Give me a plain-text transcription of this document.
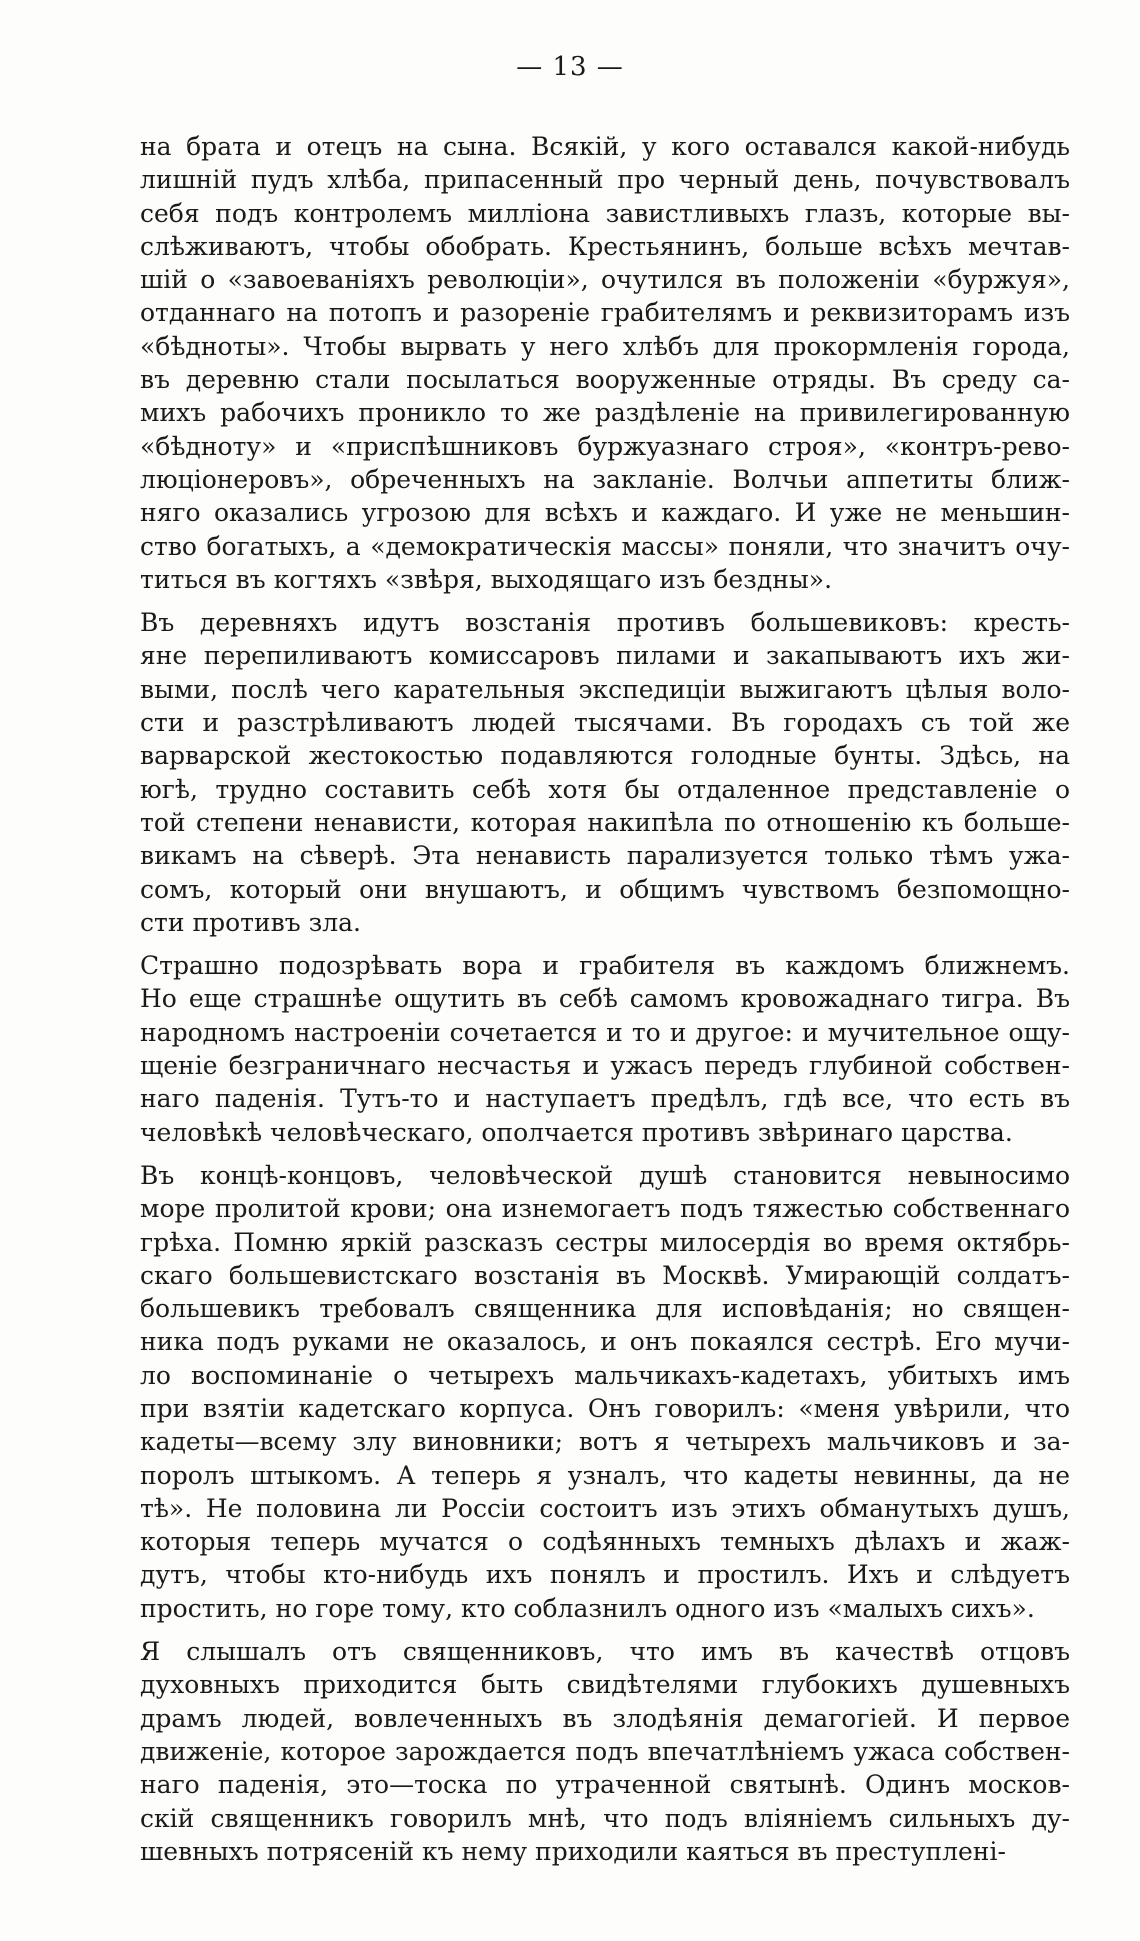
— 13 —
на брата и отецъ на сына. Всякій, у кого оставался какой-нибудь
лишній пудъ хлѣба, припасенный про черный день, почувствовалъ
себя подъ контролемъ милліона завистливыхъ глазъ, которые вы-
слѣживаютъ, чтобы обобрать. Крестьянинъ, больше всѣхъ мечтав-
шій о «завоеваніяхъ революціи», очутился въ положеніи «буржуя»,
отданнаго на потопъ и разореніе грабителямъ и реквизиторамъ изъ
«бѣдноты». Чтобы вырвать у него хлѣбъ для прокормленія города,
въ деревню стали посылаться вооруженные отряды. Въ среду са-
михъ рабочихъ проникло то же раздѣленіе на привилегированную
«бѣдноту» и «приспѣшниковъ буржуазнаго строя», «контръ-рево-
люціонеровъ», обреченныхъ на закланіе. Волчьи аппетиты ближ-
няго оказались угрозою для всѣхъ и каждаго. И уже не меньшин-
ство богатыхъ, а «демократическія массы» поняли, что значитъ очу-
титься въ когтяхъ «звѣря, выходящаго изъ бездны».
Въ деревняхъ идутъ возстанія противъ большевиковъ: кресть-
яне перепиливаютъ комиссаровъ пилами и закапываютъ ихъ жи-
выми, послѣ чего карательныя экспедиціи выжигаютъ цѣлыя воло-
сти и разстрѣливаютъ людей тысячами. Въ городахъ съ той же
варварской жестокостью подавляются голодные бунты. Здѣсь, на
югѣ, трудно составить себѣ хотя бы отдаленное представленіе о
той степени ненависти, которая накипѣла по отношенію къ больше-
викамъ на сѣверѣ. Эта ненависть парализуется только тѣмъ ужа-
сомъ, который они внушаютъ, и общимъ чувствомъ безпомощно-
сти противъ зла.
Страшно подозрѣвать вора и грабителя въ каждомъ ближнемъ.
Но еще страшнѣе ощутить въ себѣ самомъ кровожаднаго тигра. Въ
народномъ настроеніи сочетается и то и другое: и мучительное ощу-
щеніе безграничнаго несчастья и ужасъ передъ глубиной собствен-
наго паденія. Тутъ-то и наступаетъ предѣлъ, гдѣ все, что есть въ
человѣкѣ человѣческаго, ополчается противъ звѣринаго царства.
Въ концѣ-концовъ, человѣческой душѣ становится невыносимо
море пролитой крови; она изнемогаетъ подъ тяжестью собственнаго
грѣха. Помню яркій разсказъ сестры милосердія во время октябрь-
скаго большевистскаго возстанія въ Москвѣ. Умирающій солдатъ-
большевикъ требовалъ священника для исповѣданія; но священ-
ника подъ руками не оказалось, и онъ покаялся сестрѣ. Его мучи-
ло воспоминаніе о четырехъ мальчикахъ-кадетахъ, убитыхъ имъ
при взятіи кадетскаго корпуса. Онъ говорилъ: «меня увѣрили, что
кадеты—всему злу виновники; вотъ я четырехъ мальчиковъ и за-
поролъ штыкомъ. А теперь я узналъ, что кадеты невинны, да не
тѣ». Не половина ли Россіи состоитъ изъ этихъ обманутыхъ душъ,
которыя теперь мучатся о содѣянныхъ темныхъ дѣлахъ и жаж-
дутъ, чтобы кто-нибудь ихъ понялъ и простилъ. Ихъ и слѣдуетъ
простить, но горе тому, кто соблазнилъ одного изъ «малыхъ сихъ».
Я слышалъ отъ священниковъ, что имъ въ качествѣ отцовъ
духовныхъ приходится быть свидѣтелями глубокихъ душевныхъ
драмъ людей, вовлеченныхъ въ злодѣянія демагогіей. И первое
движеніе, которое зарождается подъ впечатлѣніемъ ужаса собствен-
наго паденія, это—тоска по утраченной святынѣ. Одинъ москов-
скій священникъ говорилъ мнѣ, что подъ вліяніемъ сильныхъ ду-
шевныхъ потрясеній къ нему приходили каяться въ преступлені-
